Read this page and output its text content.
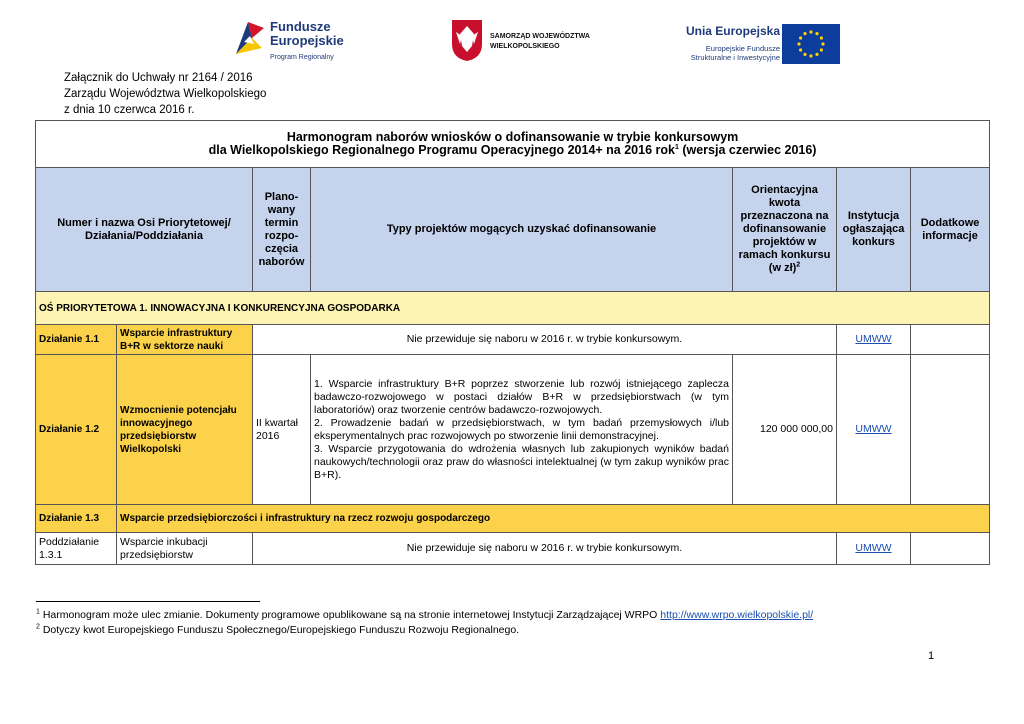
Fundusze
Europejskie
Program Regionalny
SAMORZĄD WOJEWÓDZTWA
WIELKOPOLSKIEGO
Unia Europejska
Europejskie Fundusze
Strukturalne i Inwestycyjne
Załącznik do Uchwały nr 2164 / 2016
Zarządu Województwa Wielkopolskiego
z dnia 10 czerwca 2016 r.
Harmonogram naborów wniosków o dofinansowanie w trybie konkursowym
dla Wielkopolskiego Regionalnego Programu Operacyjnego 2014+ na 2016 rok$^1$ (wersja czerwiec 2016)						
Numer i nazwa Osi Priorytetowej/ Działania/Poddziałania		Plano-wany termin rozpo-częcia naborów	Typy projektów mogących uzyskać dofinansowanie	Orientacyjna kwota przeznaczona na dofinansowanie projektów w ramach konkursu (w zł)$^2$	Instytucja ogłaszająca konkurs	Dodatkowe informacje
OŚ PRIORYTETOWA 1. INNOWACYJNA I KONKURENCYJNA GOSPODARKA						
Działanie 1.1	Wsparcie infrastruktury B+R w sektorze nauki	Nie przewiduje się naboru w 2016 r. w trybie konkursowym.			UMWW	
Działanie 1.2	Wzmocnienie potencjału innowacyjnego przedsiębiorstw Wielkopolski	II kwartał 2016	1. Wsparcie infrastruktury B+R poprzez stworzenie lub rozwój istniejącego zaplecza badawczo-rozwojowego w postaci działów B+R w przedsiębiorstwach (w tym laboratoriów) oraz tworzenie centrów badawczo-rozwojowych.
2. Prowadzenie badań w przedsiębiorstwach, w tym badań przemysłowych i/lub eksperymentalnych prac rozwojowych po stworzenie linii demonstracyjnej.
3. Wsparcie przygotowania do wdrożenia własnych lub zakupionych wyników badań naukowych/technologii oraz praw do własności intelektualnej (w tym zakup wyników prac B+R).	120 000 000,00	UMWW	
Działanie 1.3	Wsparcie przedsiębiorczości i infrastruktury na rzecz rozwoju gospodarczego					
Poddziałanie 1.3.1	Wsparcie inkubacji przedsiębiorstw	Nie przewiduje się naboru w 2016 r. w trybie konkursowym.			UMWW	
$^1$ Harmonogram może ulec zmianie. Dokumenty programowe opublikowane są na stronie internetowej Instytucji Zarządzającej WRPO http://www.wrpo.wielkopolskie.pl/
$^2$ Dotyczy kwot Europejskiego Funduszu Społecznego/Europejskiego Funduszu Rozwoju Regionalnego.
1
